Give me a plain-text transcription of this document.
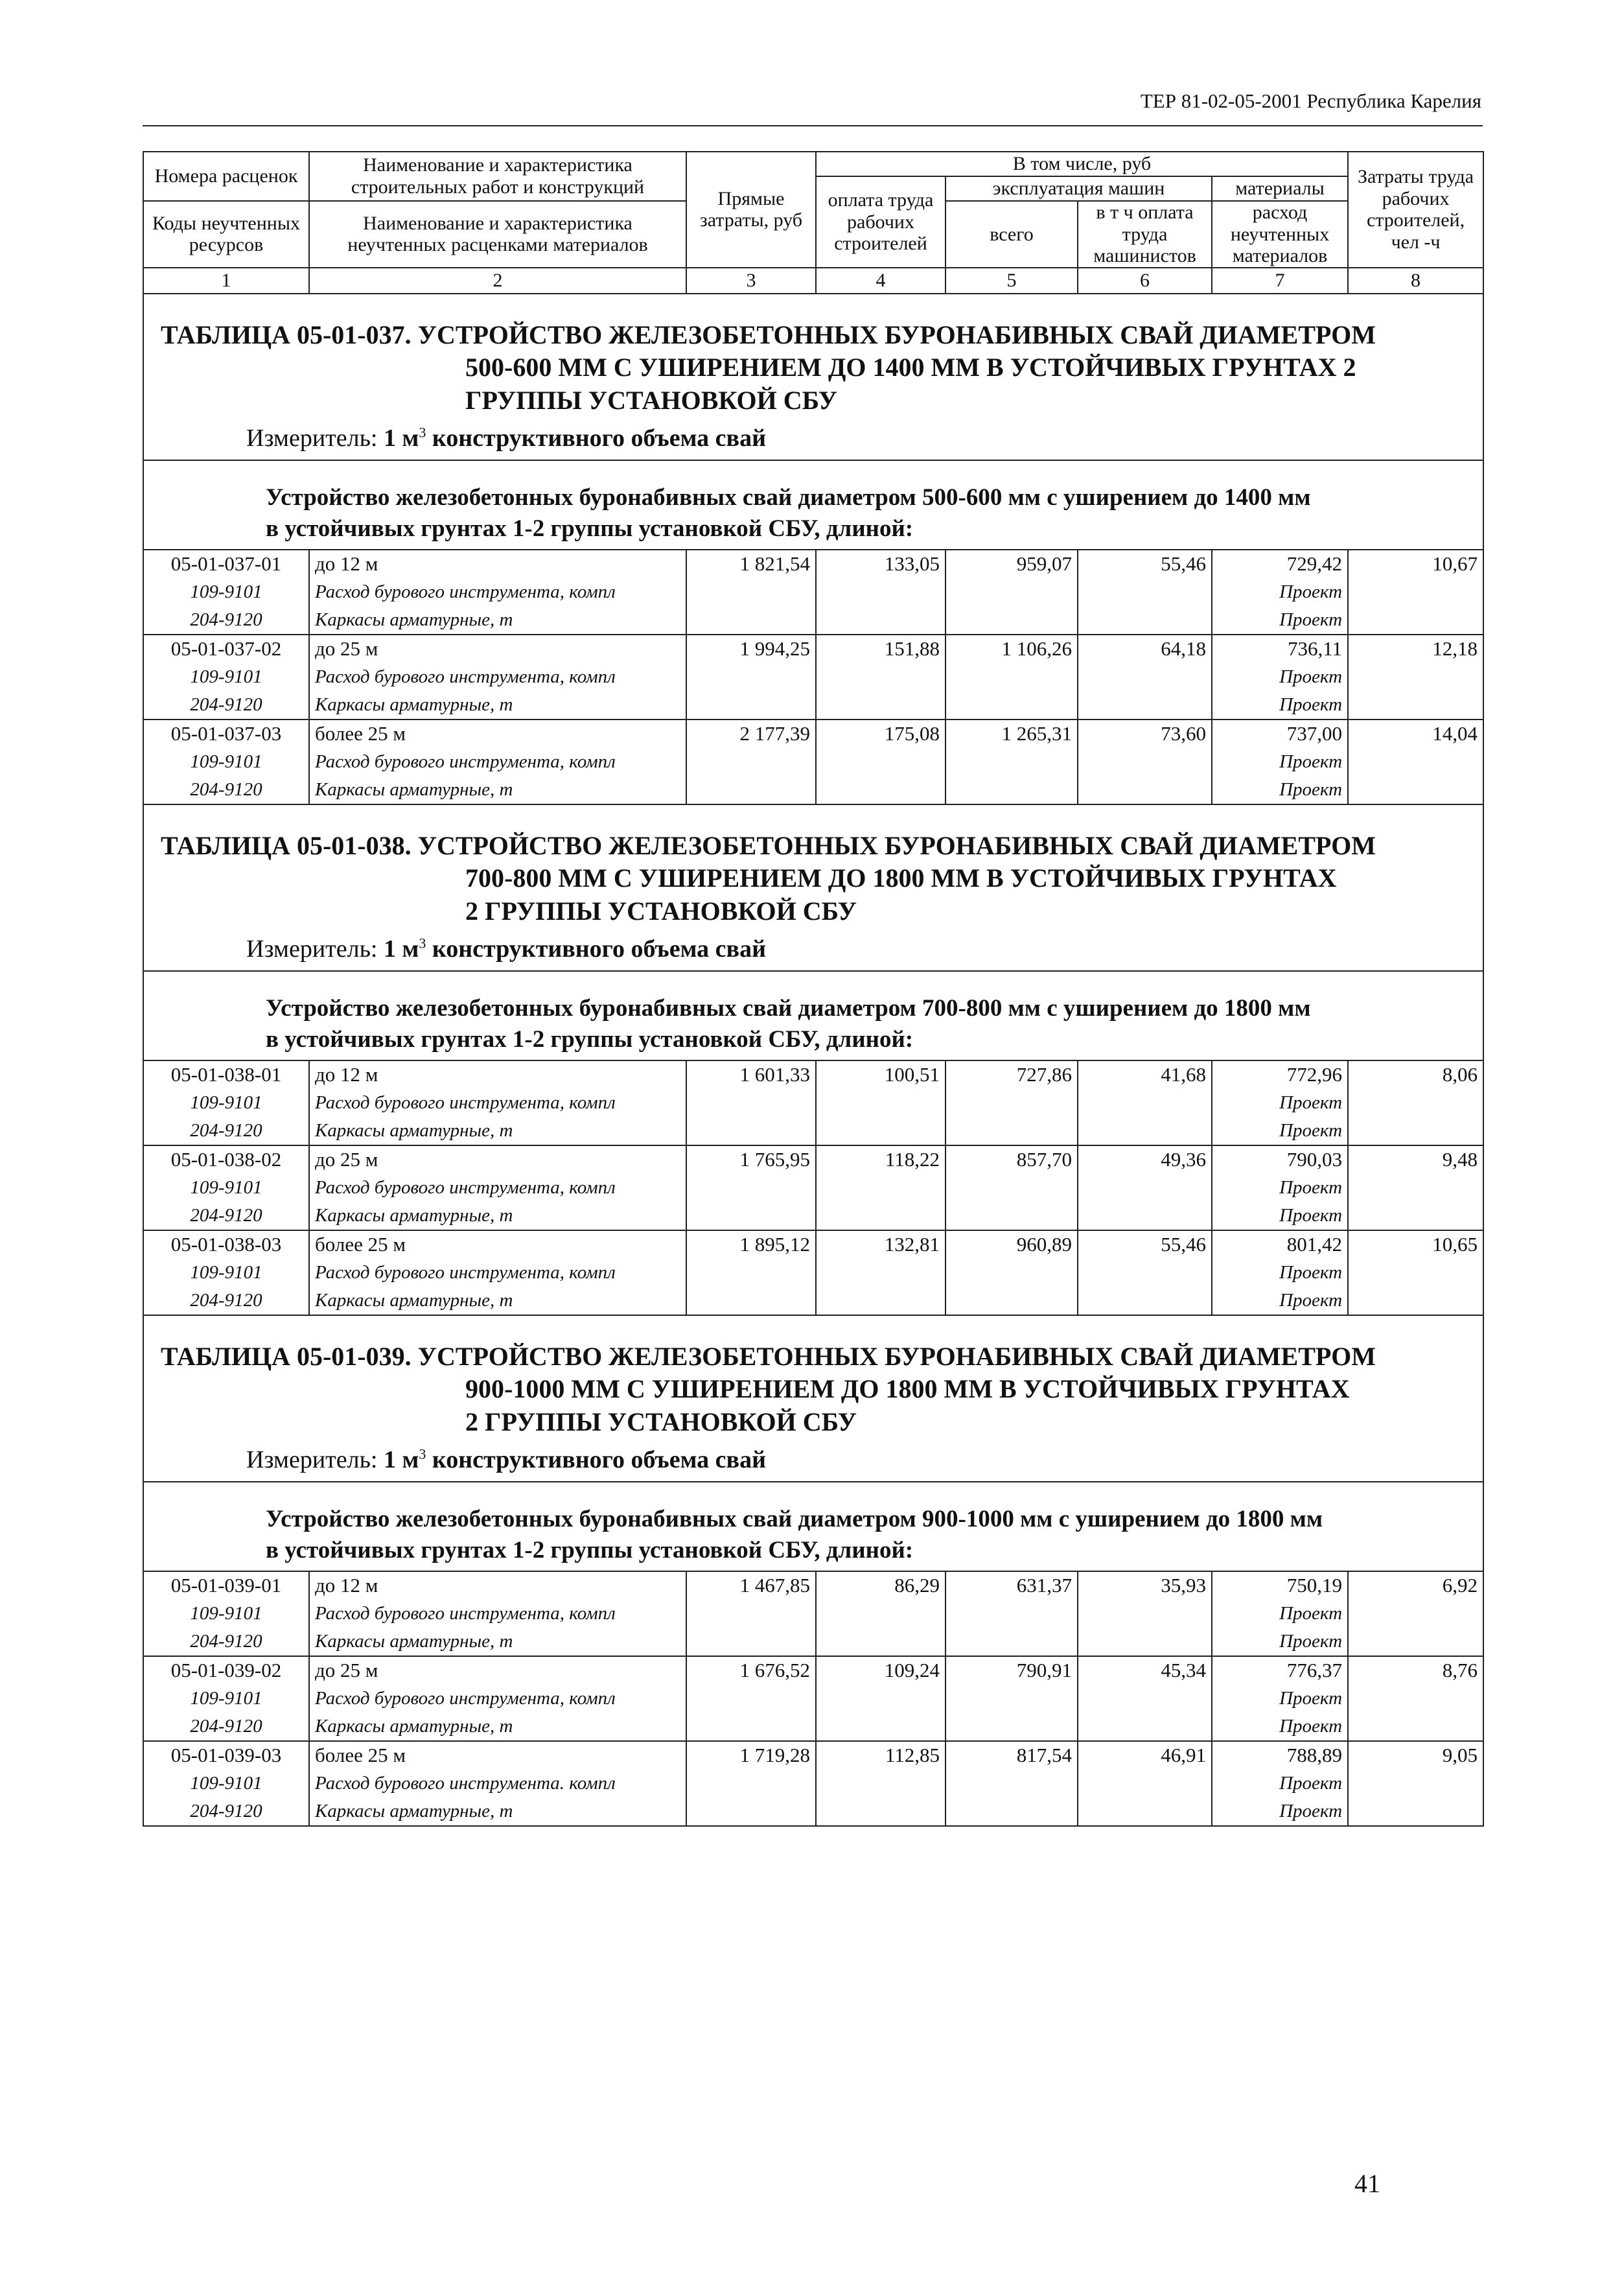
ТЕР 81-02-05-2001 Республика Карелия
Номера расценок	Наименование и характеристика строительных работ и конструкций	Прямые затраты, руб	В том числе, руб				Затраты труда рабочих строителей, чел -ч
			оплата труда рабочих строителей	эксплуатация машин		материалы	
Коды неучтенных ресурсов	Наименование и характеристика неучтенных расценками материалов			всего	в т ч оплата труда машинистов	расход неучтенных материалов	

1	2	3	4	5	6	7	8

ТАБЛИЦА 05-01-037. УСТРОЙСТВО ЖЕЛЕЗОБЕТОННЫХ БУРОНАБИВНЫХ СВАЙ ДИАМЕТРОМ
500-600 ММ С УШИРЕНИЕМ ДО 1400 ММ В УСТОЙЧИВЫХ ГРУНТАХ 2
ГРУППЫ УСТАНОВКОЙ СБУ
Измеритель: 1 $м^3$ конструктивного объема свай							

Устройство железобетонных буронабивных свай диаметром 500-600 мм с уширением до 1400 мм
в устойчивых грунтах 1-2 группы установкой СБУ, длиной:							

05-01-037-01	до 12 м	1 821,54	133,05	959,07	55,46	729,42	10,67
109-9101	Расход бурового инструмента, компл					Проект	
204-9120	Каркасы арматурные, т					Проект	
05-01-037-02	до 25 м	1 994,25	151,88	1 106,26	64,18	736,11	12,18
109-9101	Расход бурового инструмента, компл					Проект	
204-9120	Каркасы арматурные, т					Проект	
05-01-037-03	более 25 м	2 177,39	175,08	1 265,31	73,60	737,00	14,04
109-9101	Расход бурового инструмента, компл					Проект	
204-9120	Каркасы арматурные, т					Проект	

ТАБЛИЦА 05-01-038. УСТРОЙСТВО ЖЕЛЕЗОБЕТОННЫХ БУРОНАБИВНЫХ СВАЙ ДИАМЕТРОМ
700-800 ММ С УШИРЕНИЕМ ДО 1800 ММ В УСТОЙЧИВЫХ ГРУНТАХ
2 ГРУППЫ УСТАНОВКОЙ СБУ
Измеритель: 1 $м^3$ конструктивного объема свай							

Устройство железобетонных буронабивных свай диаметром 700-800 мм с уширением до 1800 мм
в устойчивых грунтах 1-2 группы установкой СБУ, длиной:							

05-01-038-01	до 12 м	1 601,33	100,51	727,86	41,68	772,96	8,06
109-9101	Расход бурового инструмента, компл					Проект	
204-9120	Каркасы арматурные, т					Проект	
05-01-038-02	до 25 м	1 765,95	118,22	857,70	49,36	790,03	9,48
109-9101	Расход бурового инструмента, компл					Проект	
204-9120	Каркасы арматурные, т					Проект	
05-01-038-03	более 25 м	1 895,12	132,81	960,89	55,46	801,42	10,65
109-9101	Расход бурового инструмента, компл					Проект	
204-9120	Каркасы арматурные, т					Проект	

ТАБЛИЦА 05-01-039. УСТРОЙСТВО ЖЕЛЕЗОБЕТОННЫХ БУРОНАБИВНЫХ СВАЙ ДИАМЕТРОМ
900-1000 ММ С УШИРЕНИЕМ ДО 1800 ММ В УСТОЙЧИВЫХ ГРУНТАХ
2 ГРУППЫ УСТАНОВКОЙ СБУ
Измеритель: 1 $м^3$ конструктивного объема свай							

Устройство железобетонных буронабивных свай диаметром 900-1000 мм с уширением до 1800 мм
в устойчивых грунтах 1-2 группы установкой СБУ, длиной:							

05-01-039-01	до 12 м	1 467,85	86,29	631,37	35,93	750,19	6,92
109-9101	Расход бурового инструмента, компл					Проект	
204-9120	Каркасы арматурные, т					Проект	
05-01-039-02	до 25 м	1 676,52	109,24	790,91	45,34	776,37	8,76
109-9101	Расход бурового инструмента, компл					Проект	
204-9120	Каркасы арматурные, т					Проект	
05-01-039-03	более 25 м	1 719,28	112,85	817,54	46,91	788,89	9,05
109-9101	Расход бурового инструмента. компл					Проект	
204-9120	Каркасы арматурные, т					Проект	
41
